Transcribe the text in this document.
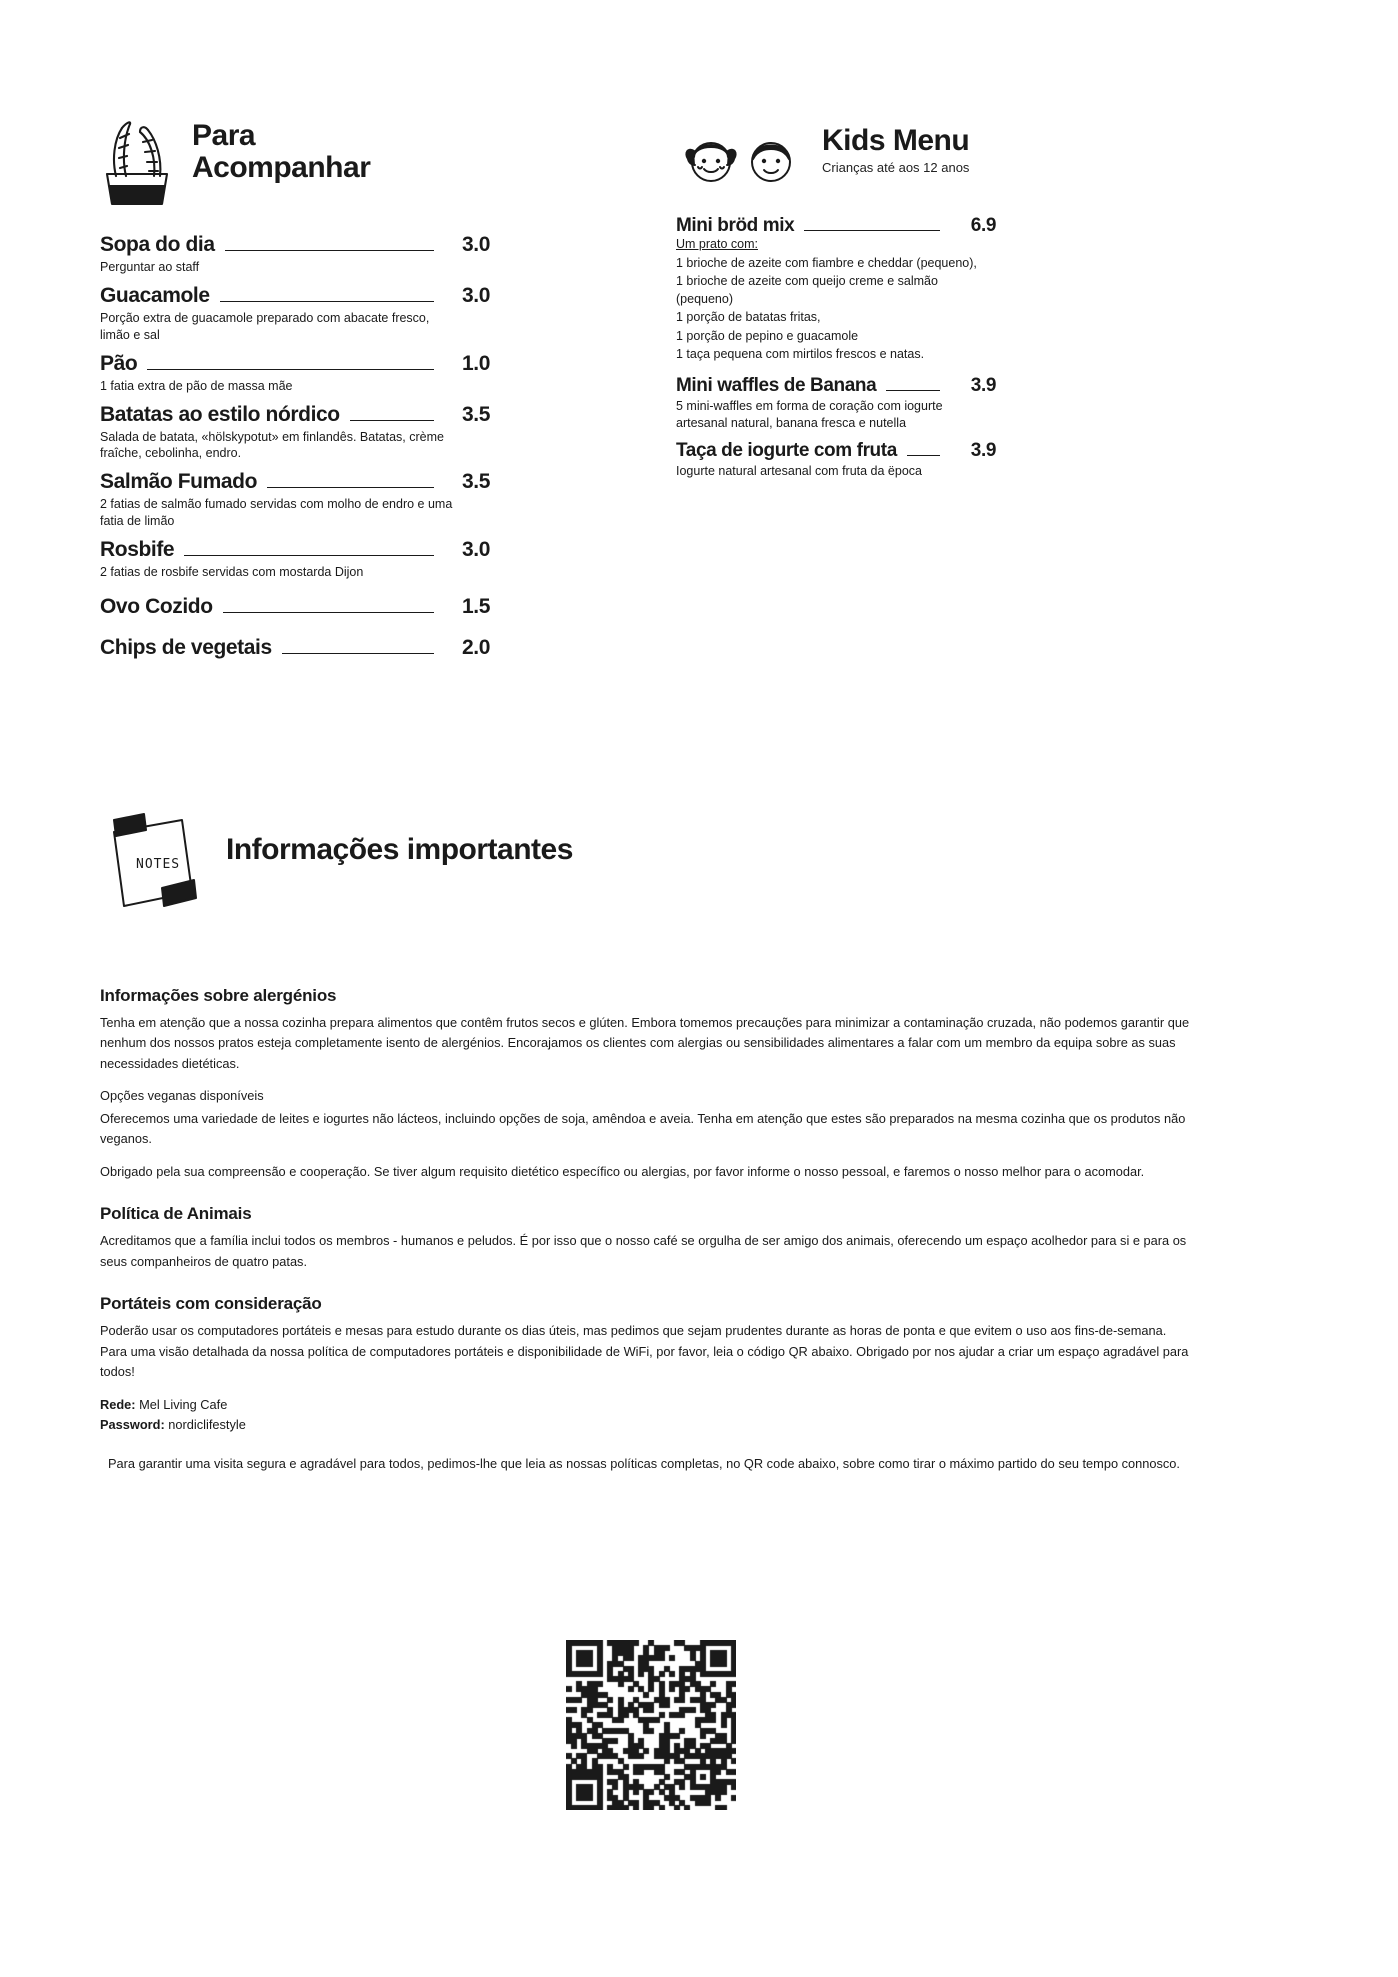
Para
Acompanhar
Sopa do dia	3.0
Perguntar ao staff
Guacamole	3.0
Porção extra de guacamole preparado com abacate fresco, limão e sal
Pão	1.0
1 fatia extra de pão de massa mãe
Batatas ao estilo nórdico	3.5
Salada de batata, «hölskypotut» em finlandês. Batatas, crème fraîche, cebolinha, endro.
Salmão Fumado	3.5
2 fatias de salmão fumado servidas com molho de endro e uma fatia de limão
Rosbife	3.0
2 fatias de rosbife servidas com mostarda Dijon
Ovo Cozido	1.5
Chips de vegetais	2.0
Kids Menu
Crianças até aos 12 anos
Mini bröd mix	6.9
Um prato com:
1 brioche de azeite com fiambre e cheddar (pequeno),
1 brioche de azeite com queijo creme e salmão (pequeno)
1 porção de batatas fritas,
1 porção de pepino e guacamole
1 taça pequena com mirtilos frescos e natas.
Mini waffles de Banana	3.9
5 mini-waffles em forma de coração com iogurte artesanal natural, banana fresca e nutella
Taça de iogurte com fruta	3.9
Iogurte natural artesanal com fruta da ëpoca
NOTES Informações importantes
Informações sobre alergénios

Tenha em atenção que a nossa cozinha prepara alimentos que contêm frutos secos e glúten. Embora tomemos precauções para minimizar a contaminação cruzada, não podemos garantir que nenhum dos nossos pratos esteja completamente isento de alergénios. Encorajamos os clientes com alergias ou sensibilidades alimentares a falar com um membro da equipa sobre as suas necessidades dietéticas.

Opções veganas disponíveis

Oferecemos uma variedade de leites e iogurtes não lácteos, incluindo opções de soja, amêndoa e aveia. Tenha em atenção que estes são preparados na mesma cozinha que os produtos não veganos.

Obrigado pela sua compreensão e cooperação. Se tiver algum requisito dietético específico ou alergias, por favor informe o nosso pessoal, e faremos o nosso melhor para o acomodar.

Política de Animais

Acreditamos que a família inclui todos os membros - humanos e peludos. É por isso que o nosso café se orgulha de ser amigo dos animais, oferecendo um espaço acolhedor para si e para os seus companheiros de quatro patas.

Portáteis com consideração

Poderão usar os computadores portáteis e mesas para estudo durante os dias úteis, mas pedimos que sejam prudentes durante as horas de ponta e que evitem o uso aos fins-de-semana. Para uma visão detalhada da nossa política de computadores portáteis e disponibilidade de WiFi, por favor, leia o código QR abaixo. Obrigado por nos ajudar a criar um espaço agradável para todos!

Rede: Mel Living Cafe

Password: nordiclifestyle

Para garantir uma visita segura e agradável para todos, pedimos-lhe que leia as nossas políticas completas, no QR code abaixo, sobre como tirar o máximo partido do seu tempo connosco.
